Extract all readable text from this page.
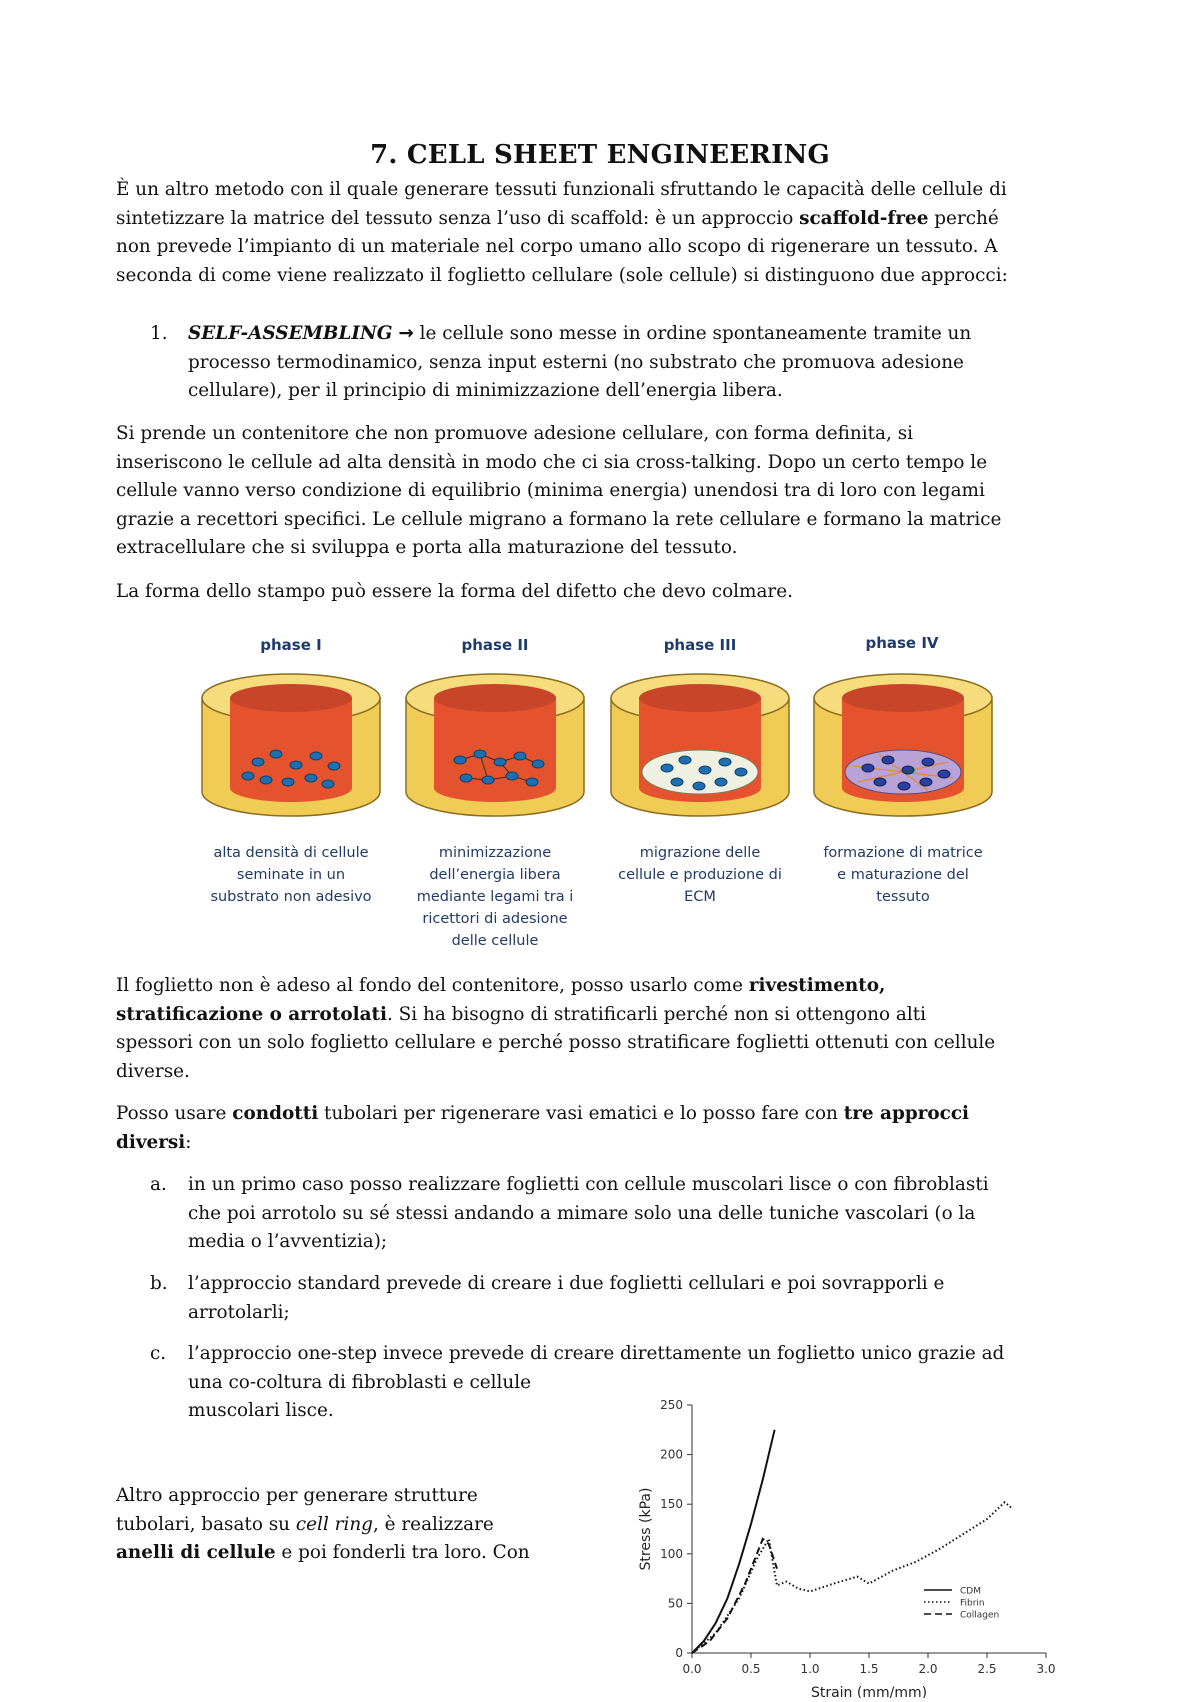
7. CELL SHEET ENGINEERING
È un altro metodo con il quale generare tessuti funzionali sfruttando le capacità delle cellule di
sintetizzare la matrice del tessuto senza l’uso di scaffold: è un approccio scaffold-free perché
non prevede l’impianto di un materiale nel corpo umano allo scopo di rigenerare un tessuto. A
seconda di come viene realizzato il foglietto cellulare (sole cellule) si distinguono due approcci:
1. SELF-ASSEMBLING → le cellule sono messe in ordine spontaneamente tramite un
processo termodinamico, senza input esterni (no substrato che promuova adesione
cellulare), per il principio di minimizzazione dell’energia libera.
Si prende un contenitore che non promuove adesione cellulare, con forma definita, si
inseriscono le cellule ad alta densità in modo che ci sia cross-talking. Dopo un certo tempo le
cellule vanno verso condizione di equilibrio (minima energia) unendosi tra di loro con legami
grazie a recettori specifici. Le cellule migrano a formano la rete cellulare e formano la matrice
extracellulare che si sviluppa e porta alla maturazione del tessuto.
La forma dello stampo può essere la forma del difetto che devo colmare.
phase I	phase II	phase III	phase IV
alta densità di cellule
seminate in un
substrato non adesivo
minimizzazione
dell’energia libera
mediante legami tra i
ricettori di adesione
delle cellule
migrazione delle
cellule e produzione di
ECM
formazione di matrice
e maturazione del
tessuto
Il foglietto non è adeso al fondo del contenitore, posso usarlo come rivestimento,
stratificazione o arrotolati. Si ha bisogno di stratificarli perché non si ottengono alti
spessori con un solo foglietto cellulare e perché posso stratificare foglietti ottenuti con cellule
diverse.
Posso usare condotti tubolari per rigenerare vasi ematici e lo posso fare con tre approcci
diversi:
a. in un primo caso posso realizzare foglietti con cellule muscolari lisce o con fibroblasti
che poi arrotolo su sé stessi andando a mimare solo una delle tuniche vascolari (o la
media o l’avventizia);
b. l’approccio standard prevede di creare i due foglietti cellulari e poi sovrapporli e
arrotolarli;
c. l’approccio one-step invece prevede di creare direttamente un foglietto unico grazie ad
una co-coltura di fibroblasti e cellule
muscolari lisce.
Altro approccio per generare strutture
tubolari, basato su cell ring, è realizzare
anelli di cellule e poi fonderli tra loro. Con
0.0	0.5	1.0	1.5	2.0	2.5	3.0
0
50
100
150
200
250
Strain (mm/mm)
Stress (kPa)
CDM
Fibrin
Collagen
